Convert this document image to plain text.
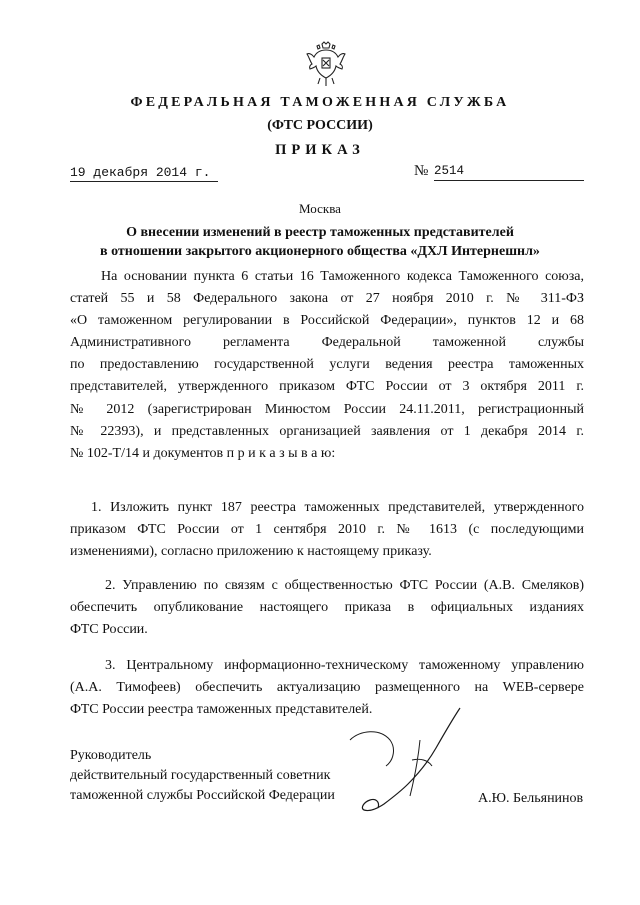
ФЕДЕРАЛЬНАЯ ТАМОЖЕННАЯ СЛУЖБА
(ФТС РОССИИ)
ПРИКАЗ
19 декабря 2014 г.	№ 2514
Москва
О внесении изменений в реестр таможенных представителей
в отношении закрытого акционерного общества «ДХЛ Интернешнл»
На основании пункта 6 статьи 16 Таможенного кодекса Таможенного союза,
статей 55 и 58 Федерального закона от 27 ноября 2010 г. № 311-ФЗ
«О таможенном регулировании в Российской Федерации», пунктов 12 и 68
Административного регламента Федеральной таможенной службы
по предоставлению государственной услуги ведения реестра таможенных
представителей, утвержденного приказом ФТС России от 3 октября 2011 г.
№ 2012 (зарегистрирован Минюстом России 24.11.2011, регистрационный
№ 22393), и представленных организацией заявления от 1 декабря 2014 г.
№ 102-Т/14 и документов п р и к а з ы в а ю:
1. Изложить пункт 187 реестра таможенных представителей, утвержденного
приказом ФТС России от 1 сентября 2010 г. № 1613 (с последующими
изменениями), согласно приложению к настоящему приказу.
2. Управлению по связям с общественностью ФТС России (А.В. Смеляков)
обеспечить опубликование настоящего приказа в официальных изданиях
ФТС России.
3. Центральному информационно-техническому таможенному управлению
(А.А. Тимофеев) обеспечить актуализацию размещенного на WEB-сервере
ФТС России реестра таможенных представителей.
Руководитель
действительный государственный советник
таможенной службы Российской Федерации	А.Ю. Бельянинов
